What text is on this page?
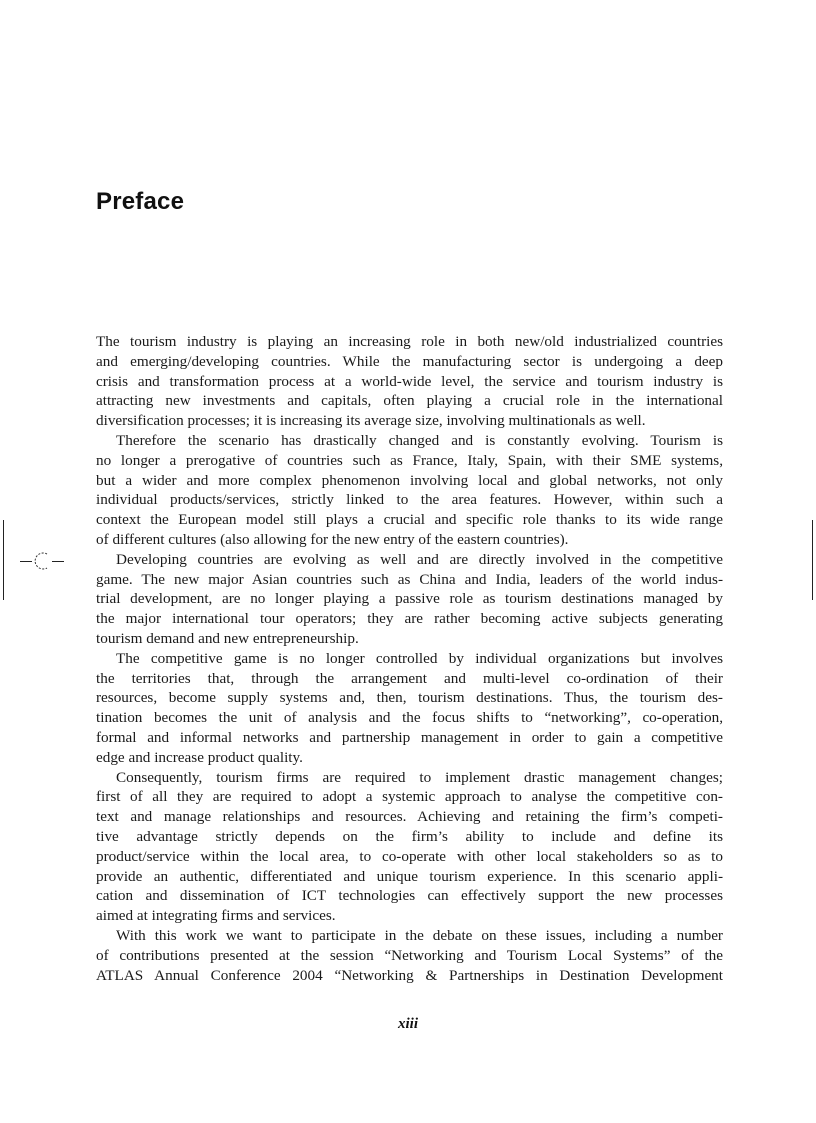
Preface

The tourism industry is playing an increasing role in both new/old industrialized countries

and emerging/developing countries. While the manufacturing sector is undergoing a deep

crisis and transformation process at a world-wide level, the service and tourism industry is

attracting new investments and capitals, often playing a crucial role in the international

diversification processes; it is increasing its average size, involving multinationals as well.

Therefore the scenario has drastically changed and is constantly evolving. Tourism is

no longer a prerogative of countries such as France, Italy, Spain, with their SME systems,

but a wider and more complex phenomenon involving local and global networks, not only

individual products/services, strictly linked to the area features. However, within such a

context the European model still plays a crucial and specific role thanks to its wide range

of different cultures (also allowing for the new entry of the eastern countries).

Developing countries are evolving as well and are directly involved in the competitive

game. The new major Asian countries such as China and India, leaders of the world indus-

trial development, are no longer playing a passive role as tourism destinations managed by

the major international tour operators; they are rather becoming active subjects generating

tourism demand and new entrepreneurship.

The competitive game is no longer controlled by individual organizations but involves

the territories that, through the arrangement and multi-level co-ordination of their

resources, become supply systems and, then, tourism destinations. Thus, the tourism des-

tination becomes the unit of analysis and the focus shifts to “networking”, co-operation,

formal and informal networks and partnership management in order to gain a competitive

edge and increase product quality.

Consequently, tourism firms are required to implement drastic management changes;

first of all they are required to adopt a systemic approach to analyse the competitive con-

text and manage relationships and resources. Achieving and retaining the firm’s competi-

tive advantage strictly depends on the firm’s ability to include and define its

product/service within the local area, to co-operate with other local stakeholders so as to

provide an authentic, differentiated and unique tourism experience. In this scenario appli-

cation and dissemination of ICT technologies can effectively support the new processes

aimed at integrating firms and services.

With this work we want to participate in the debate on these issues, including a number

of contributions presented at the session “Networking and Tourism Local Systems” of the

ATLAS Annual Conference 2004 “Networking & Partnerships in Destination Development

xiii
